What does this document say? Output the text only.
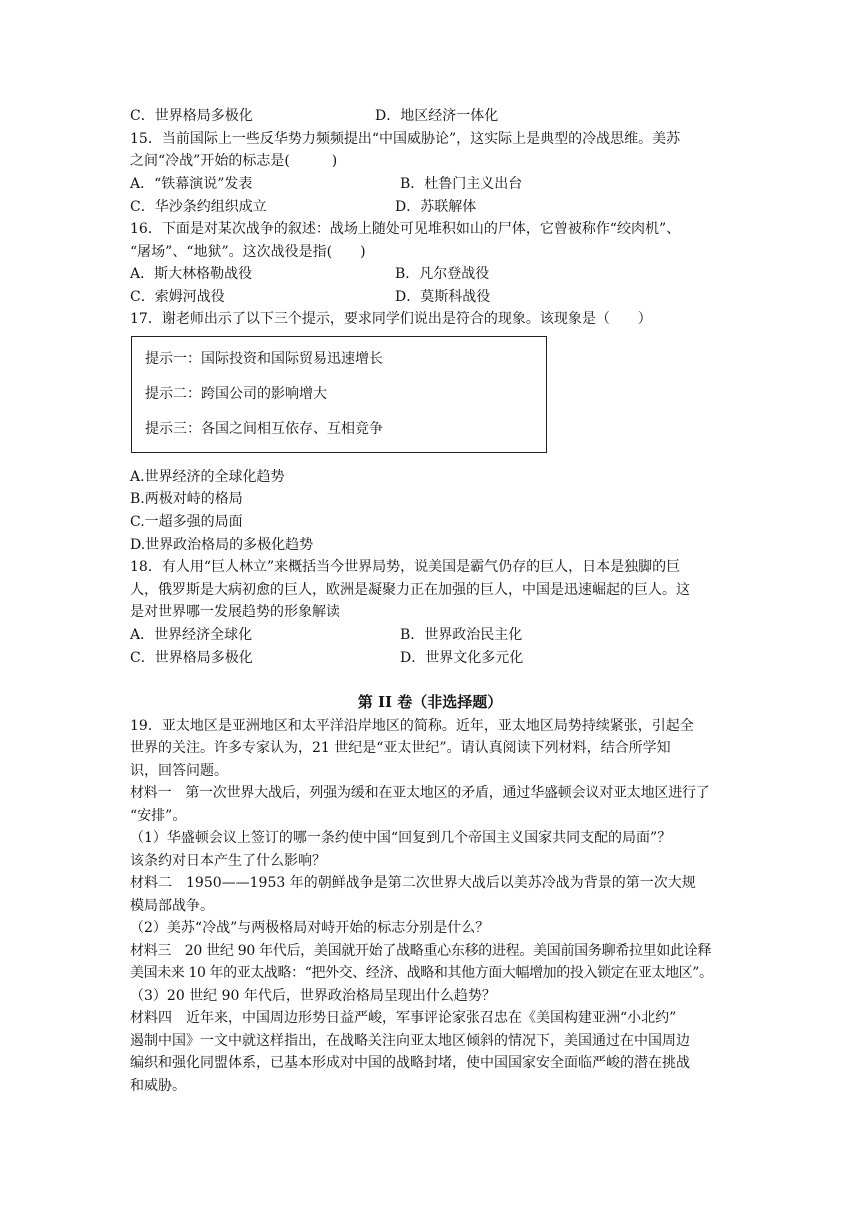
C．世界格局多极化	D．地区经济一体化
15．当前国际上一些反华势力频频提出“中国威胁论”，这实际上是典型的冷战思维。美苏
之间“冷战”开始的标志是(　　　)
A．“铁幕演说”发表	B．杜鲁门主义出台
C．华沙条约组织成立	D．苏联解体
16．下面是对某次战争的叙述：战场上随处可见堆积如山的尸体，它曾被称作“绞肉机”、
“屠场”、“地狱”。这次战役是指(　　)
A．斯大林格勒战役	B．凡尔登战役
C．索姆河战役	D．莫斯科战役
17．谢老师出示了以下三个提示，要求同学们说出是符合的现象。该现象是（　　）
提示一：国际投资和国际贸易迅速增长
提示二：跨国公司的影响增大
提示三：各国之间相互依存、互相竞争
A.世界经济的全球化趋势
B.两极对峙的格局
C.一超多强的局面
D.世界政治格局的多极化趋势
18．有人用“巨人林立”来概括当今世界局势，说美国是霸气仍存的巨人，日本是独脚的巨
人，俄罗斯是大病初愈的巨人，欧洲是凝聚力正在加强的巨人，中国是迅速崛起的巨人。这
是对世界哪一发展趋势的形象解读
A．世界经济全球化	B．世界政治民主化
C．世界格局多极化	D．世界文化多元化
第 II 卷（非选择题）
19．亚太地区是亚洲地区和太平洋沿岸地区的简称。近年，亚太地区局势持续紧张，引起全
世界的关注。许多专家认为，21 世纪是“亚太世纪”。请认真阅读下列材料，结合所学知
识，回答问题。
材料一　第一次世界大战后，列强为缓和在亚太地区的矛盾，通过华盛顿会议对亚太地区进行了
“安排”。
（1）华盛顿会议上签订的哪一条约使中国“回复到几个帝国主义国家共同支配的局面”？
该条约对日本产生了什么影响？
材料二　1950——1953 年的朝鲜战争是第二次世界大战后以美苏冷战为背景的第一次大规
模局部战争。
（2）美苏“冷战”与两极格局对峙开始的标志分别是什么？
材料三　20 世纪 90 年代后，美国就开始了战略重心东移的进程。美国前国务聊希拉里如此诠释
美国未来 10 年的亚太战略：“把外交、经济、战略和其他方面大幅增加的投入锁定在亚太地区”。
（3）20 世纪 90 年代后，世界政治格局呈现出什么趋势？
材料四　近年来，中国周边形势日益严峻，军事评论家张召忠在《美国构建亚洲“小北约”
遏制中国》一文中就这样指出，在战略关注向亚太地区倾斜的情况下，美国通过在中国周边
编织和强化同盟体系，已基本形成对中国的战略封堵，使中国国家安全面临严峻的潜在挑战
和威胁。
